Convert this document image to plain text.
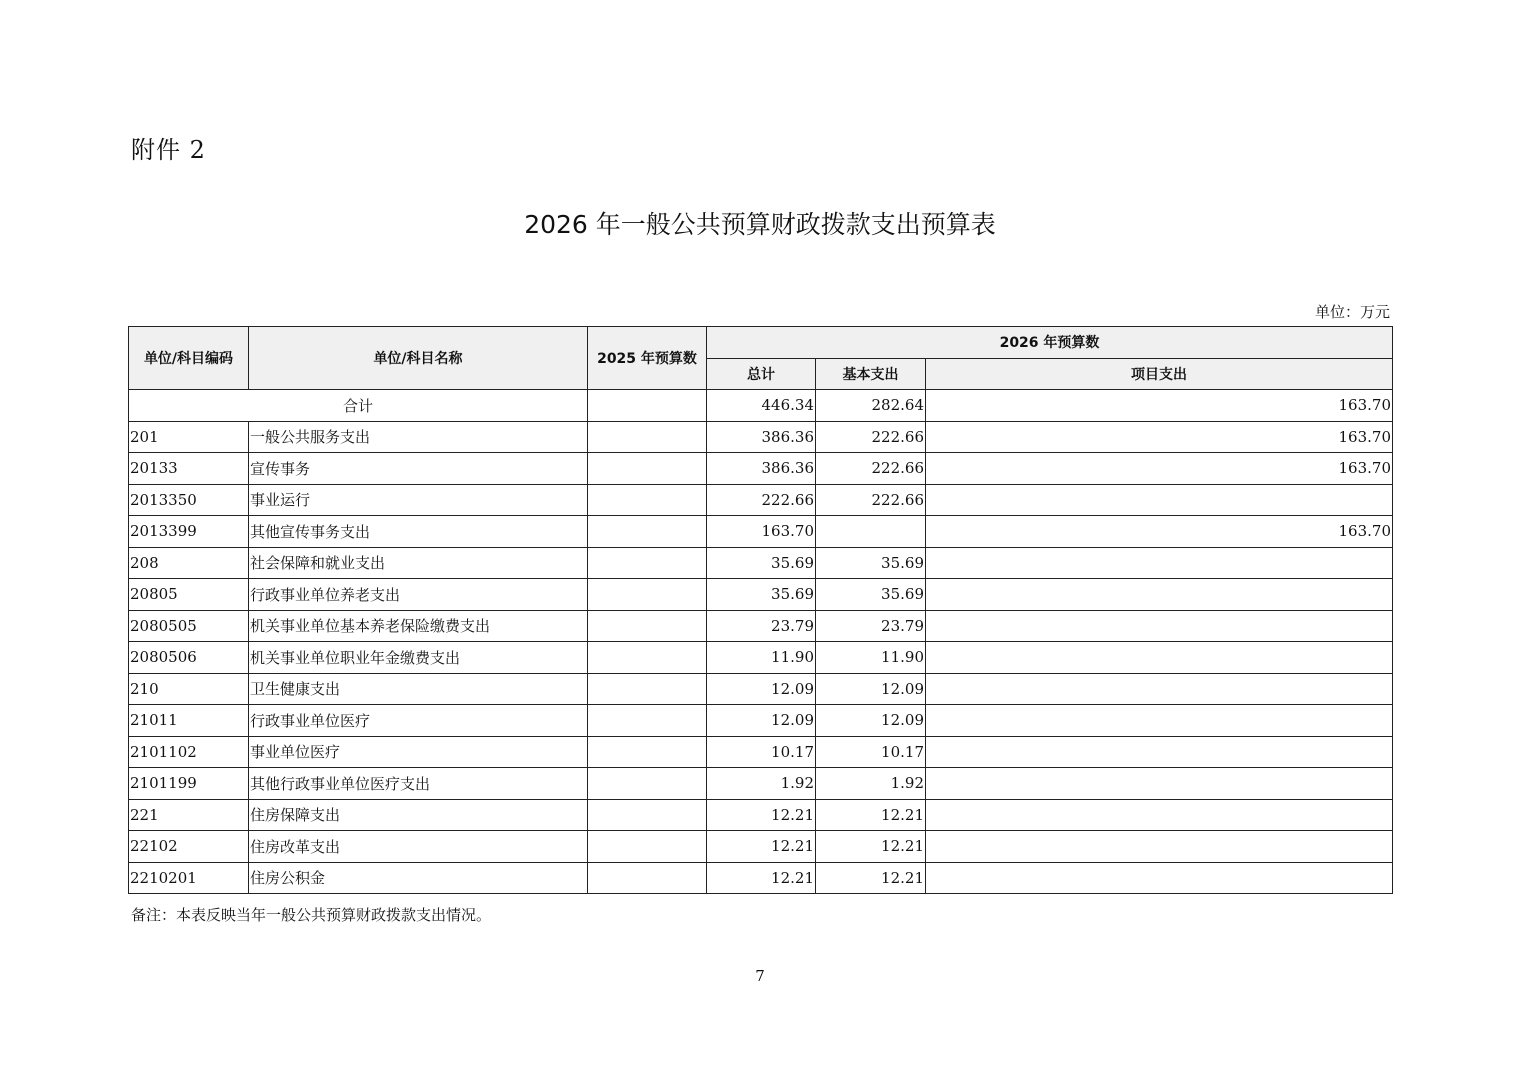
附件 2
2026 年一般公共预算财政拨款支出预算表
单位：万元
单位/科目编码	单位/科目名称	2025 年预算数	2026 年预算数		
			总计	基本支出	项目支出
合计			446.34	282.64	163.70
201	一般公共服务支出		386.36	222.66	163.70
20133	宣传事务		386.36	222.66	163.70
2013350	事业运行		222.66	222.66	
2013399	其他宣传事务支出		163.70		163.70
208	社会保障和就业支出		35.69	35.69	
20805	行政事业单位养老支出		35.69	35.69	
2080505	机关事业单位基本养老保险缴费支出		23.79	23.79	
2080506	机关事业单位职业年金缴费支出		11.90	11.90	
210	卫生健康支出		12.09	12.09	
21011	行政事业单位医疗		12.09	12.09	
2101102	事业单位医疗		10.17	10.17	
2101199	其他行政事业单位医疗支出		1.92	1.92	
221	住房保障支出		12.21	12.21	
22102	住房改革支出		12.21	12.21	
2210201	住房公积金		12.21	12.21	
备注：本表反映当年一般公共预算财政拨款支出情况。
7
